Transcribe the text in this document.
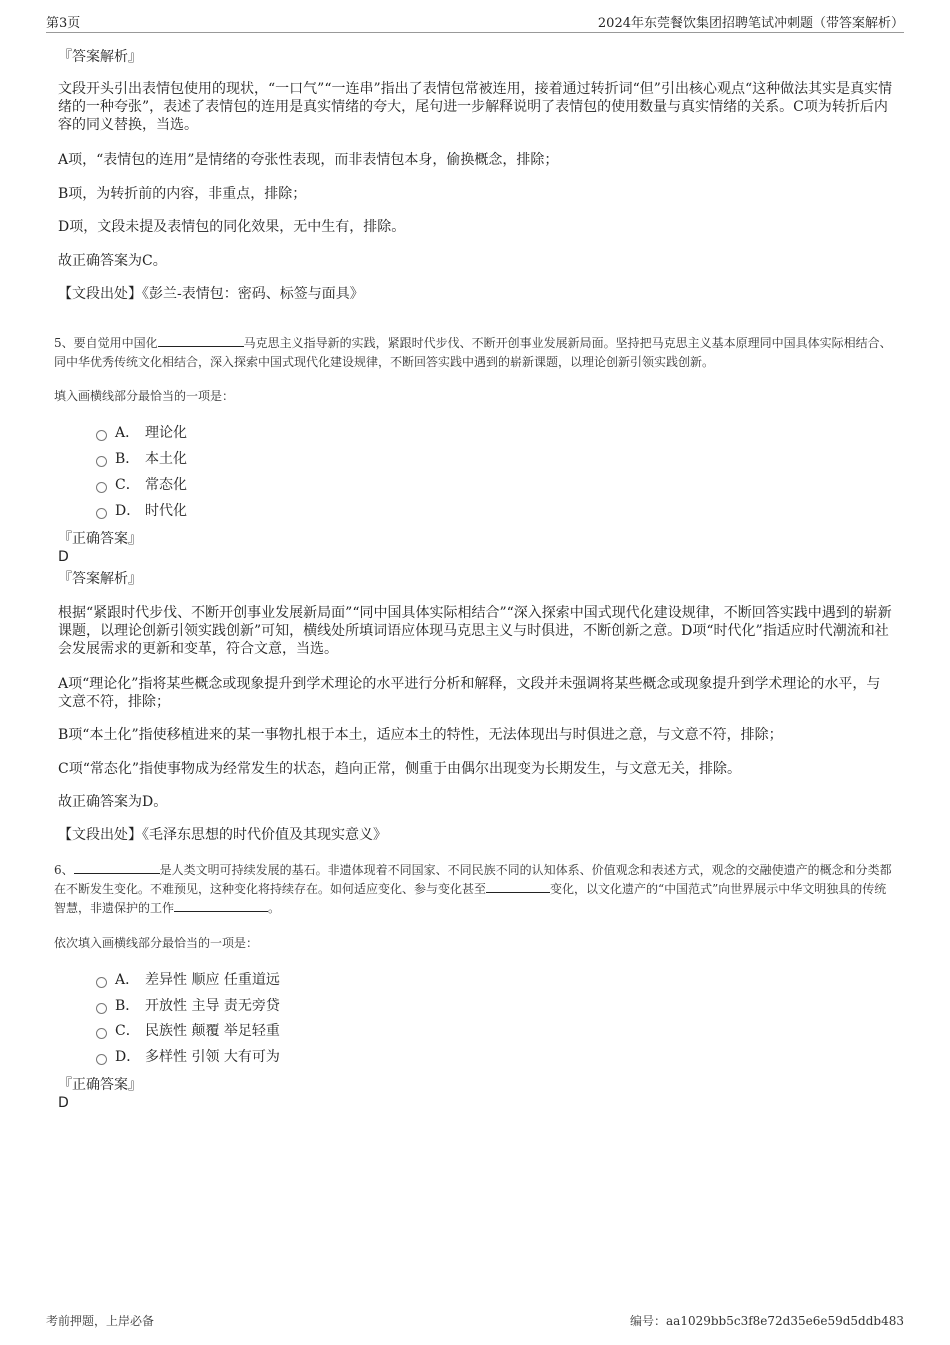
第3页	2024年东莞餐饮集团招聘笔试冲刺题（带答案解析）
『答案解析』
文段开头引出表情包使用的现状，“一口气”“一连串”指出了表情包常被连用，接着通过转折词“但”引出核心观点“这种做法其实是真实情绪的一种夸张”，表述了表情包的连用是真实情绪的夸大，尾句进一步解释说明了表情包的使用数量与真实情绪的关系。C项为转折后内容的同义替换，当选。
A项，“表情包的连用”是情绪的夸张性表现，而非表情包本身，偷换概念，排除；
B项，为转折前的内容，非重点，排除；
D项，文段未提及表情包的同化效果，无中生有，排除。
故正确答案为C。
【文段出处】《彭兰-表情包：密码、标签与面具》
5、要自觉用中国化	马克思主义指导新的实践，紧跟时代步伐、不断开创事业发展新局面。坚持把马克思主义基本原理同中国具体实际相结合、同中华优秀传统文化相结合，深入探索中国式现代化建设规律，不断回答实践中遇到的崭新课题，以理论创新引领实践创新。
填入画横线部分最恰当的一项是：
A． 理论化
B． 本土化
C． 常态化
D． 时代化
『正确答案』
D
『答案解析』
根据“紧跟时代步伐、不断开创事业发展新局面”“同中国具体实际相结合”“深入探索中国式现代化建设规律，不断回答实践中遇到的崭新课题，以理论创新引领实践创新”可知，横线处所填词语应体现马克思主义与时俱进，不断创新之意。D项“时代化”指适应时代潮流和社会发展需求的更新和变革，符合文意，当选。
A项“理论化”指将某些概念或现象提升到学术理论的水平进行分析和解释，文段并未强调将某些概念或现象提升到学术理论的水平，与文意不符，排除；
B项“本土化”指使移植进来的某一事物扎根于本土，适应本土的特性，无法体现出与时俱进之意，与文意不符，排除；
C项“常态化”指使事物成为经常发生的状态，趋向正常，侧重于由偶尔出现变为长期发生，与文意无关，排除。
故正确答案为D。
【文段出处】《毛泽东思想的时代价值及其现实意义》
6、	是人类文明可持续发展的基石。非遗体现着不同国家、不同民族不同的认知体系、价值观念和表述方式，观念的交融使遗产的概念和分类都在不断发生变化。不难预见，这种变化将持续存在。如何适应变化、参与变化甚至	变化，以文化遗产的“中国范式”向世界展示中华文明独具的传统智慧，非遗保护的工作	。
依次填入画横线部分最恰当的一项是：
A． 差异性 顺应 任重道远
B． 开放性 主导 责无旁贷
C． 民族性 颠覆 举足轻重
D． 多样性 引领 大有可为
『正确答案』
D
考前押题，上岸必备	编号：aa1029bb5c3f8e72d35e6e59d5ddb483
